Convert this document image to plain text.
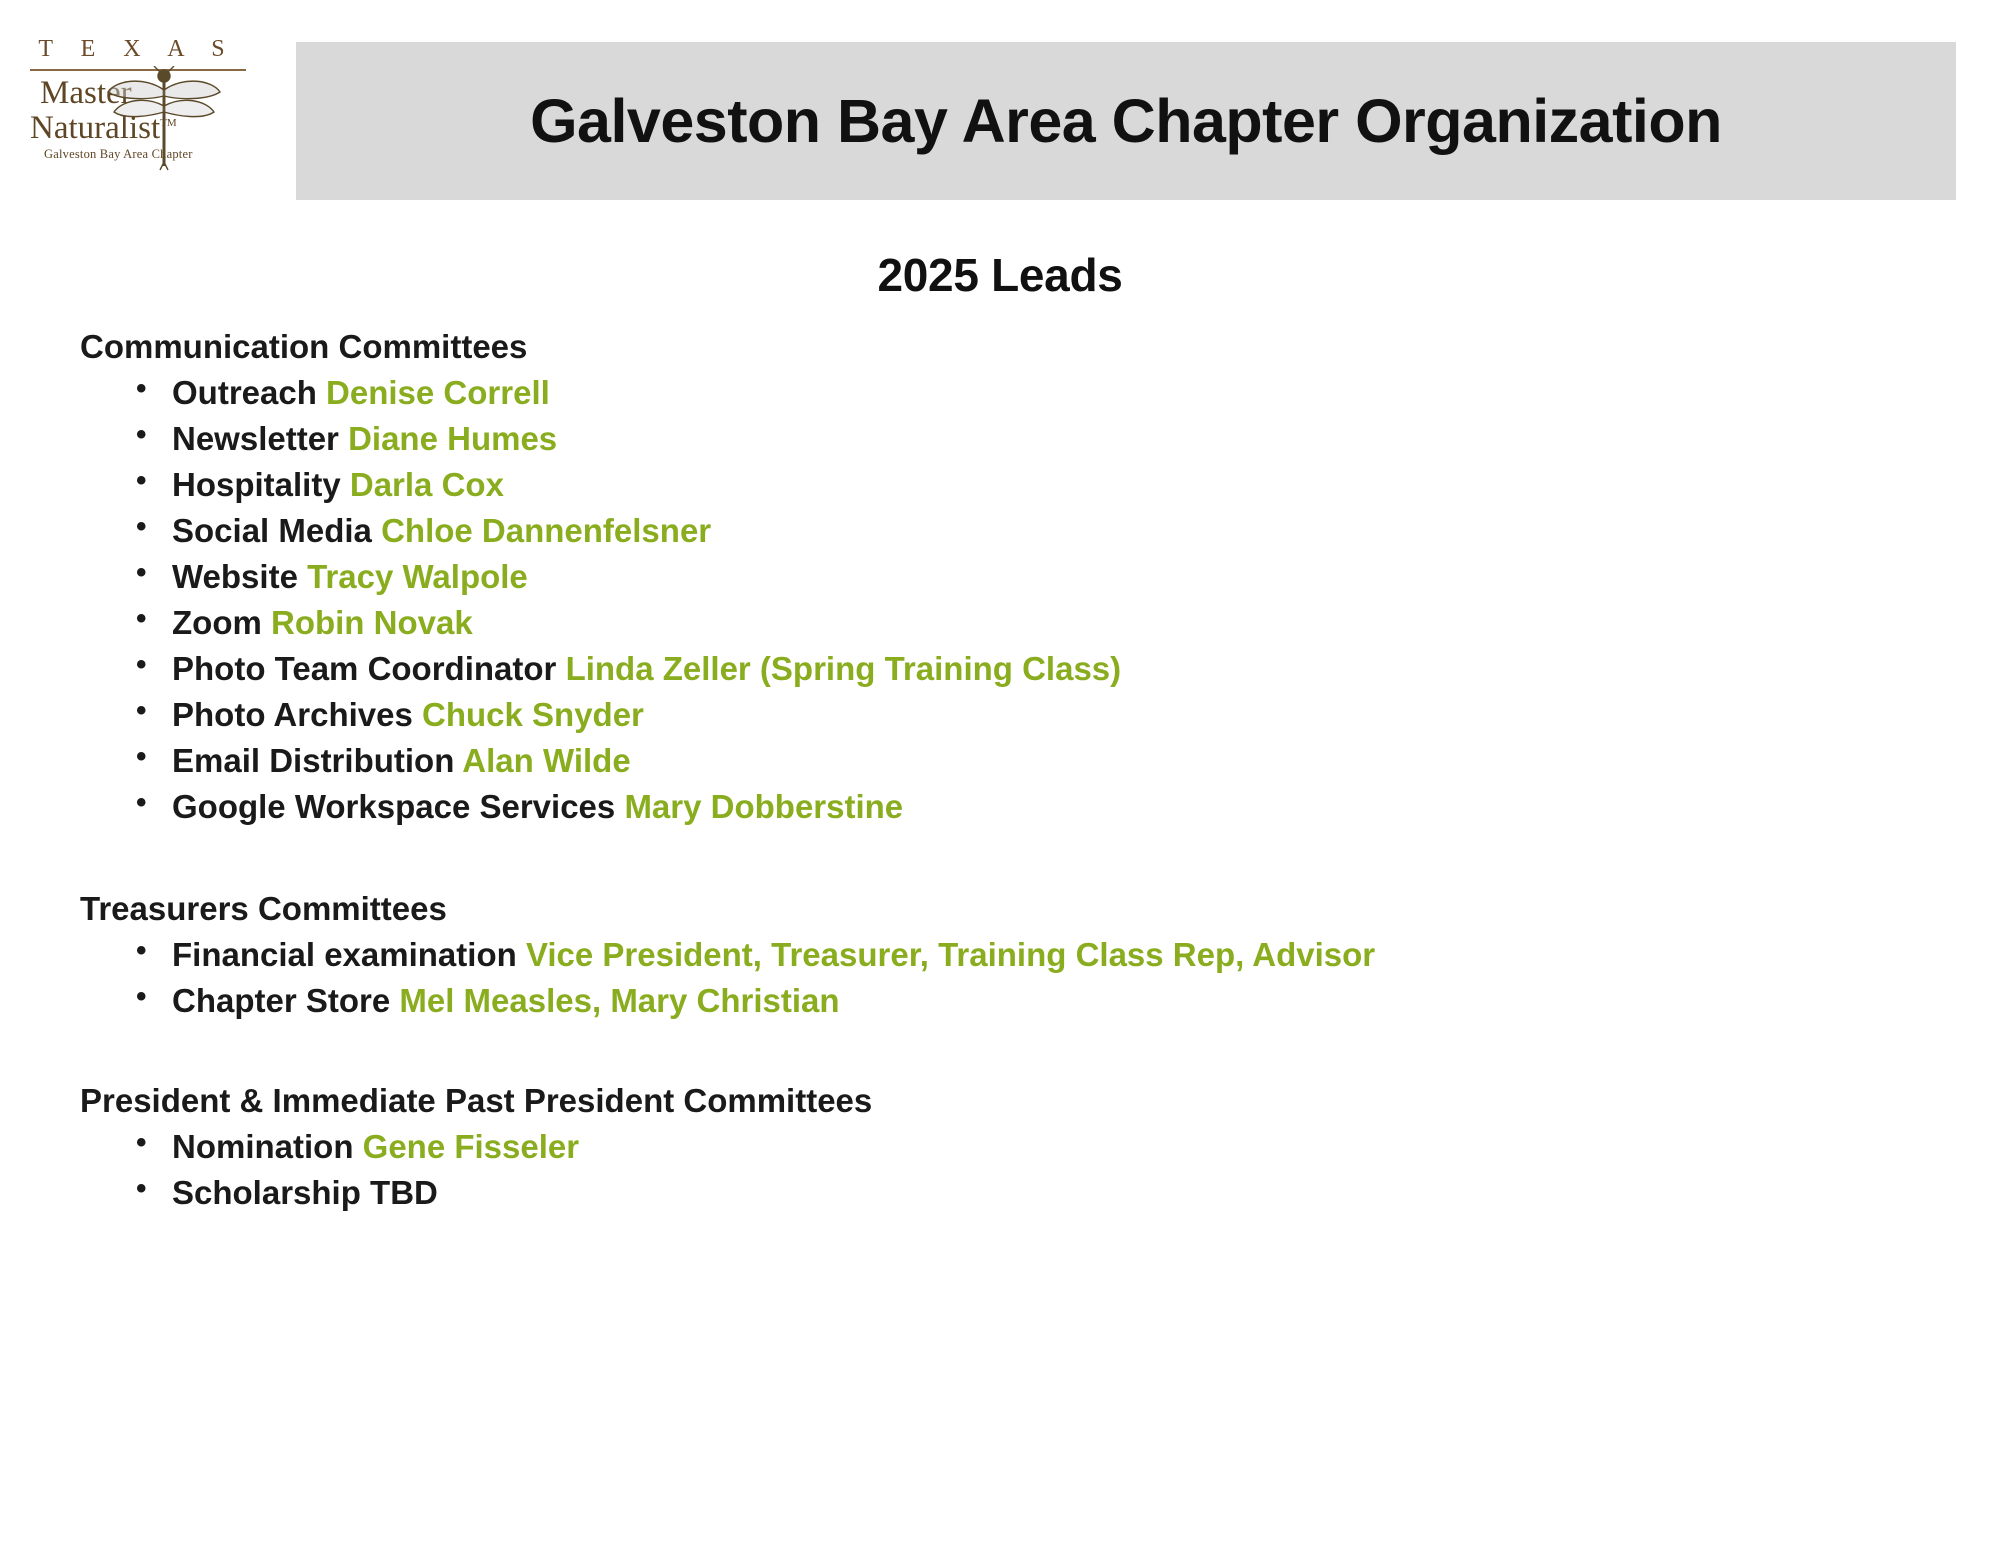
T E X A S
Master
Naturalist™
Galveston Bay Area Chapter	Galveston Bay Area Chapter Organization
2025 Leads
Communication Committees
• Outreach Denise Correll
• Newsletter Diane Humes
• Hospitality Darla Cox
• Social Media Chloe Dannenfelsner
• Website Tracy Walpole
• Zoom Robin Novak
• Photo Team Coordinator Linda Zeller (Spring Training Class)
• Photo Archives Chuck Snyder
• Email Distribution Alan Wilde
• Google Workspace Services Mary Dobberstine
Treasurers Committees
• Financial examination Vice President, Treasurer, Training Class Rep, Advisor
• Chapter Store Mel Measles, Mary Christian
President & Immediate Past President Committees
• Nomination Gene Fisseler
• Scholarship TBD
